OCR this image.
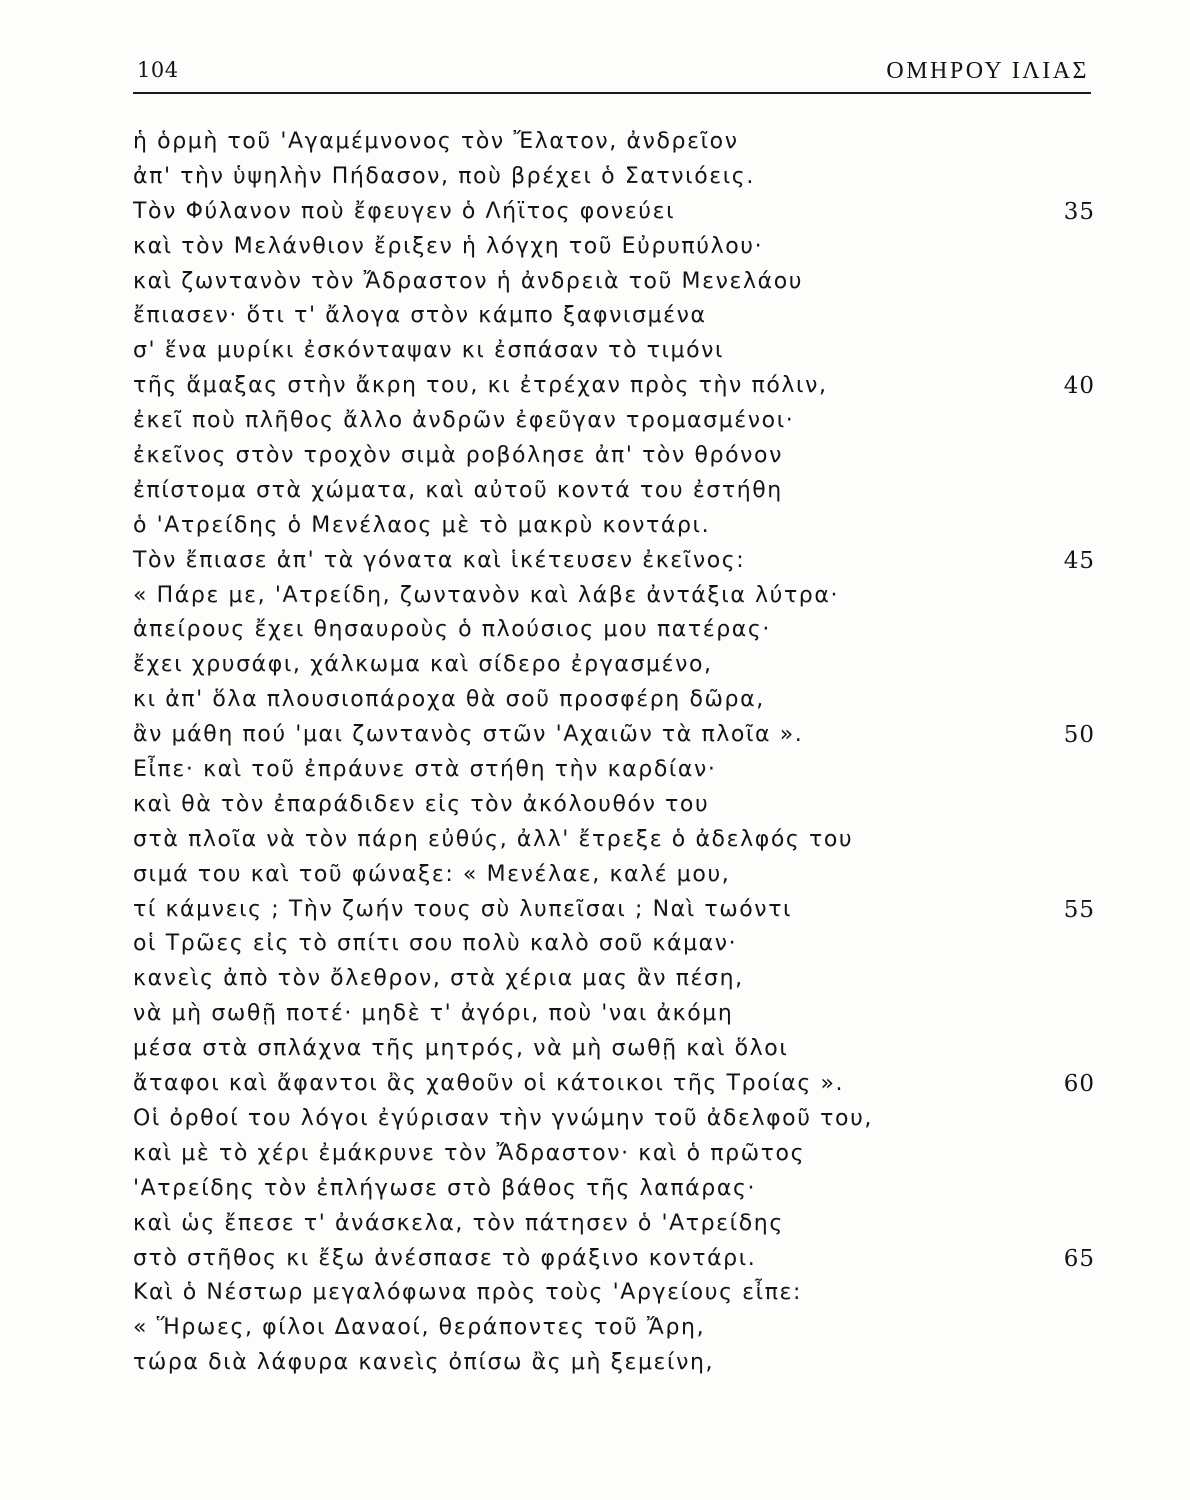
104	ΟΜΗΡΟΥ ΙΛΙΑΣ
ἡ ὁρμὴ τοῦ 'Αγαμέμνονος τὸν Ἔλατον, ἀνδρεῖον
ἀπ' τὴν ὑψηλὴν Πήδασον, ποὺ βρέχει ὁ Σατνιόεις.
Τὸν Φύλανον ποὺ ἔφευγεν ὁ Λήϊτος φονεύει	35
καὶ τὸν Μελάνθιον ἔριξεν ἡ λόγχη τοῦ Εὐρυπύλου·
καὶ ζωντανὸν τὸν Ἄδραστον ἡ ἀνδρειὰ τοῦ Μενελάου
ἔπιασεν· ὅτι τ' ἄλογα στὸν κάμπο ξαφνισμένα
σ' ἕνα μυρίκι ἐσκόνταψαν κι ἐσπάσαν τὸ τιμόνι
τῆς ἅμαξας στὴν ἄκρη του, κι ἐτρέχαν πρὸς τὴν πόλιν,	40
ἐκεῖ ποὺ πλῆθος ἄλλο ἀνδρῶν ἐφεῦγαν τρομασμένοι·
ἐκεῖνος στὸν τροχὸν σιμὰ ροβόλησε ἀπ' τὸν θρόνον
ἐπίστομα στὰ χώματα, καὶ αὐτοῦ κοντά του ἐστήθη
ὁ 'Ατρείδης ὁ Μενέλαος μὲ τὸ μακρὺ κοντάρι.
Τὸν ἔπιασε ἀπ' τὰ γόνατα καὶ ἱκέτευσεν ἐκεῖνος:	45
« Πάρε με, 'Ατρείδη, ζωντανὸν καὶ λάβε ἀντάξια λύτρα·
ἀπείρους ἔχει θησαυροὺς ὁ πλούσιος μου πατέρας·
ἔχει χρυσάφι, χάλκωμα καὶ σίδερο ἐργασμένο,
κι ἀπ' ὅλα πλουσιοπάροχα θὰ σοῦ προσφέρη δῶρα,
ἂν μάθη πού 'μαι ζωντανὸς στῶν 'Αχαιῶν τὰ πλοῖα ».	50
Εἶπε· καὶ τοῦ ἐπράυνε στὰ στήθη τὴν καρδίαν·
καὶ θὰ τὸν ἐπαράδιδεν εἰς τὸν ἀκόλουθόν του
στὰ πλοῖα νὰ τὸν πάρη εὐθύς, ἀλλ' ἔτρεξε ὁ ἀδελφός του
σιμά του καὶ τοῦ φώναξε: « Μενέλαε, καλέ μου,
τί κάμνεις ; Τὴν ζωήν τους σὺ λυπεῖσαι ; Ναὶ τωόντι	55
οἱ Τρῶες εἰς τὸ σπίτι σου πολὺ καλὸ σοῦ κάμαν·
κανεὶς ἀπὸ τὸν ὄλεθρον, στὰ χέρια μας ἂν πέση,
νὰ μὴ σωθῇ ποτέ· μηδὲ τ' ἀγόρι, ποὺ 'ναι ἀκόμη
μέσα στὰ σπλάχνα τῆς μητρός, νὰ μὴ σωθῇ καὶ ὅλοι
ἄταφοι καὶ ἄφαντοι ἂς χαθοῦν οἱ κάτοικοι τῆς Τροίας ».	60
Οἱ ὀρθοί του λόγοι ἐγύρισαν τὴν γνώμην τοῦ ἀδελφοῦ του,
καὶ μὲ τὸ χέρι ἐμάκρυνε τὸν Ἄδραστον· καὶ ὁ πρῶτος
'Ατρείδης τὸν ἐπλήγωσε στὸ βάθος τῆς λαπάρας·
καὶ ὡς ἔπεσε τ' ἀνάσκελα, τὸν πάτησεν ὁ 'Ατρείδης
στὸ στῆθος κι ἔξω ἀνέσπασε τὸ φράξινο κοντάρι.	65
Καὶ ὁ Νέστωρ μεγαλόφωνα πρὸς τοὺς 'Αργείους εἶπε:
« Ἥρωες, φίλοι Δαναοί, θεράποντες τοῦ Ἄρη,
τώρα διὰ λάφυρα κανεὶς ὀπίσω ἂς μὴ ξεμείνη,
